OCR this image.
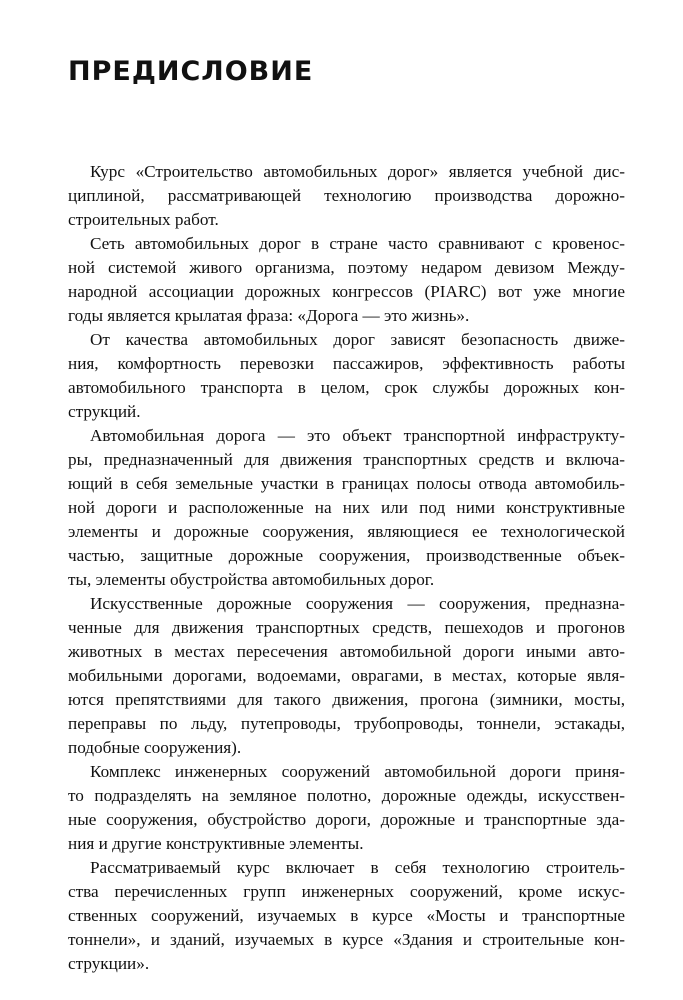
ПРЕДИСЛОВИЕ
Курс «Строительство автомобильных дорог» является учебной дис-
циплиной, рассматривающей технологию производства дорожно-
строительных работ.
Сеть автомобильных дорог в стране часто сравнивают с кровенос-
ной системой живого организма, поэтому недаром девизом Между-
народной ассоциации дорожных конгрессов (PIARC) вот уже многие
годы является крылатая фраза: «Дорога — это жизнь».
От качества автомобильных дорог зависят безопасность движе-
ния, комфортность перевозки пассажиров, эффективность работы
автомобильного транспорта в целом, срок службы дорожных кон-
струкций.
Автомобильная дорога — это объект транспортной инфраструкту-
ры, предназначенный для движения транспортных средств и включа-
ющий в себя земельные участки в границах полосы отвода автомобиль-
ной дороги и расположенные на них или под ними конструктивные
элементы и дорожные сооружения, являющиеся ее технологической
частью, защитные дорожные сооружения, производственные объек-
ты, элементы обустройства автомобильных дорог.
Искусственные дорожные сооружения — сооружения, предназна-
ченные для движения транспортных средств, пешеходов и прогонов
животных в местах пересечения автомобильной дороги иными авто-
мобильными дорогами, водоемами, оврагами, в местах, которые явля-
ются препятствиями для такого движения, прогона (зимники, мосты,
переправы по льду, путепроводы, трубопроводы, тоннели, эстакады,
подобные сооружения).
Комплекс инженерных сооружений автомобильной дороги приня-
то подразделять на земляное полотно, дорожные одежды, искусствен-
ные сооружения, обустройство дороги, дорожные и транспортные зда-
ния и другие конструктивные элементы.
Рассматриваемый курс включает в себя технологию строитель-
ства перечисленных групп инженерных сооружений, кроме искус-
ственных сооружений, изучаемых в курсе «Мосты и транспортные
тоннели», и зданий, изучаемых в курсе «Здания и строительные кон-
струкции».
